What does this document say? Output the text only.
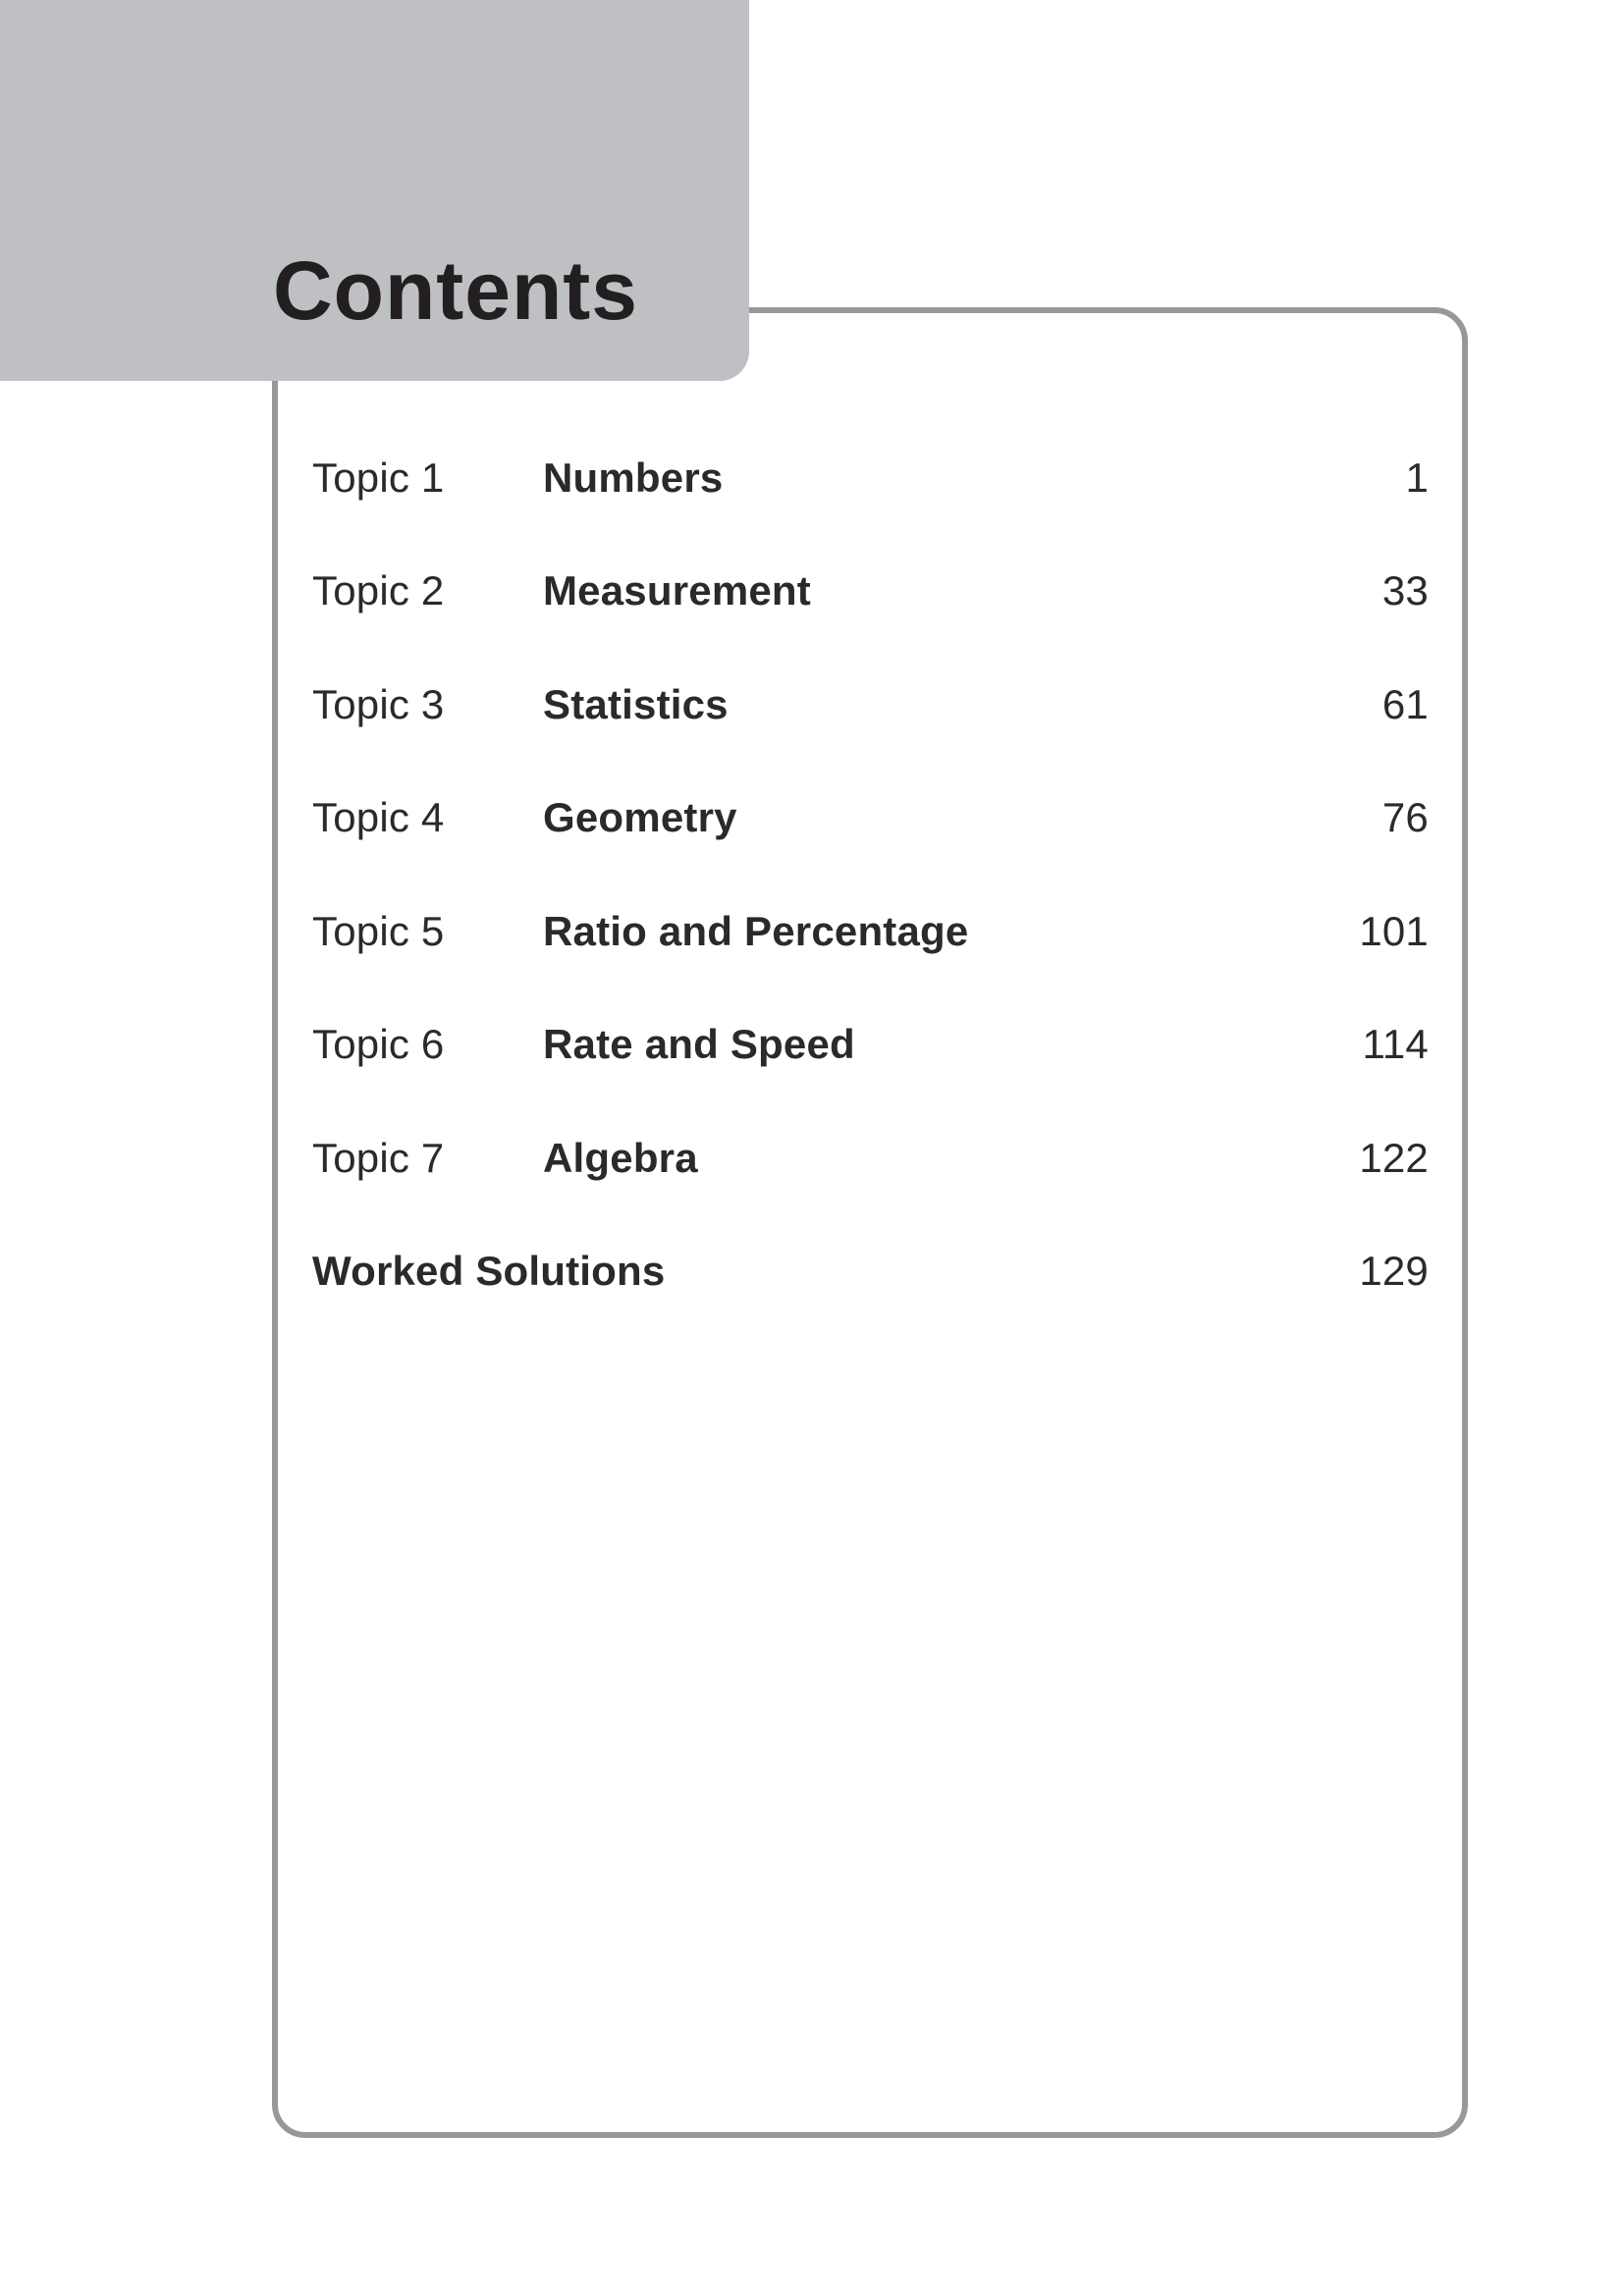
Contents
Topic 1	Numbers	1
Topic 2	Measurement	33
Topic 3	Statistics	61
Topic 4	Geometry	76
Topic 5	Ratio and Percentage	101
Topic 6	Rate and Speed	114
Topic 7	Algebra	122
Worked Solutions	129
